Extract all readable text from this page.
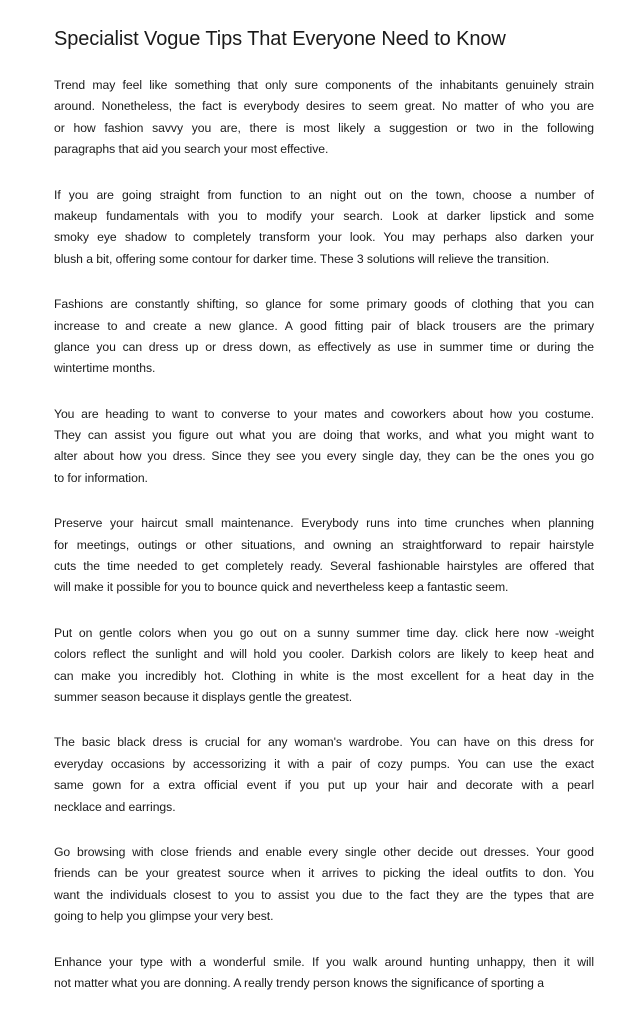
Specialist Vogue Tips That Everyone Need to Know
Trend may feel like something that only sure components of the inhabitants genuinely strain
around. Nonetheless, the fact is everybody desires to seem great. No matter of who you are
or how fashion savvy you are, there is most likely a suggestion or two in the following
paragraphs that aid you search your most effective.
If you are going straight from function to an night out on the town, choose a number of
makeup fundamentals with you to modify your search. Look at darker lipstick and some
smoky eye shadow to completely transform your look. You may perhaps also darken your
blush a bit, offering some contour for darker time. These 3 solutions will relieve the transition.
Fashions are constantly shifting, so glance for some primary goods of clothing that you can
increase to and create a new glance. A good fitting pair of black trousers are the primary
glance you can dress up or dress down, as effectively as use in summer time or during the
wintertime months.
You are heading to want to converse to your mates and coworkers about how you costume.
They can assist you figure out what you are doing that works, and what you might want to
alter about how you dress. Since they see you every single day, they can be the ones you go
to for information.
Preserve your haircut small maintenance. Everybody runs into time crunches when planning
for meetings, outings or other situations, and owning an straightforward to repair hairstyle
cuts the time needed to get completely ready. Several fashionable hairstyles are offered that
will make it possible for you to bounce quick and nevertheless keep a fantastic seem.
Put on gentle colors when you go out on a sunny summer time day. click here now -weight
colors reflect the sunlight and will hold you cooler. Darkish colors are likely to keep heat and
can make you incredibly hot. Clothing in white is the most excellent for a heat day in the
summer season because it displays gentle the greatest.
The basic black dress is crucial for any woman's wardrobe. You can have on this dress for
everyday occasions by accessorizing it with a pair of cozy pumps. You can use the exact
same gown for a extra official event if you put up your hair and decorate with a pearl
necklace and earrings.
Go browsing with close friends and enable every single other decide out dresses. Your good
friends can be your greatest source when it arrives to picking the ideal outfits to don. You
want the individuals closest to you to assist you due to the fact they are the types that are
going to help you glimpse your very best.
Enhance your type with a wonderful smile. If you walk around hunting unhappy, then it will
not matter what you are donning. A really trendy person knows the significance of sporting a
